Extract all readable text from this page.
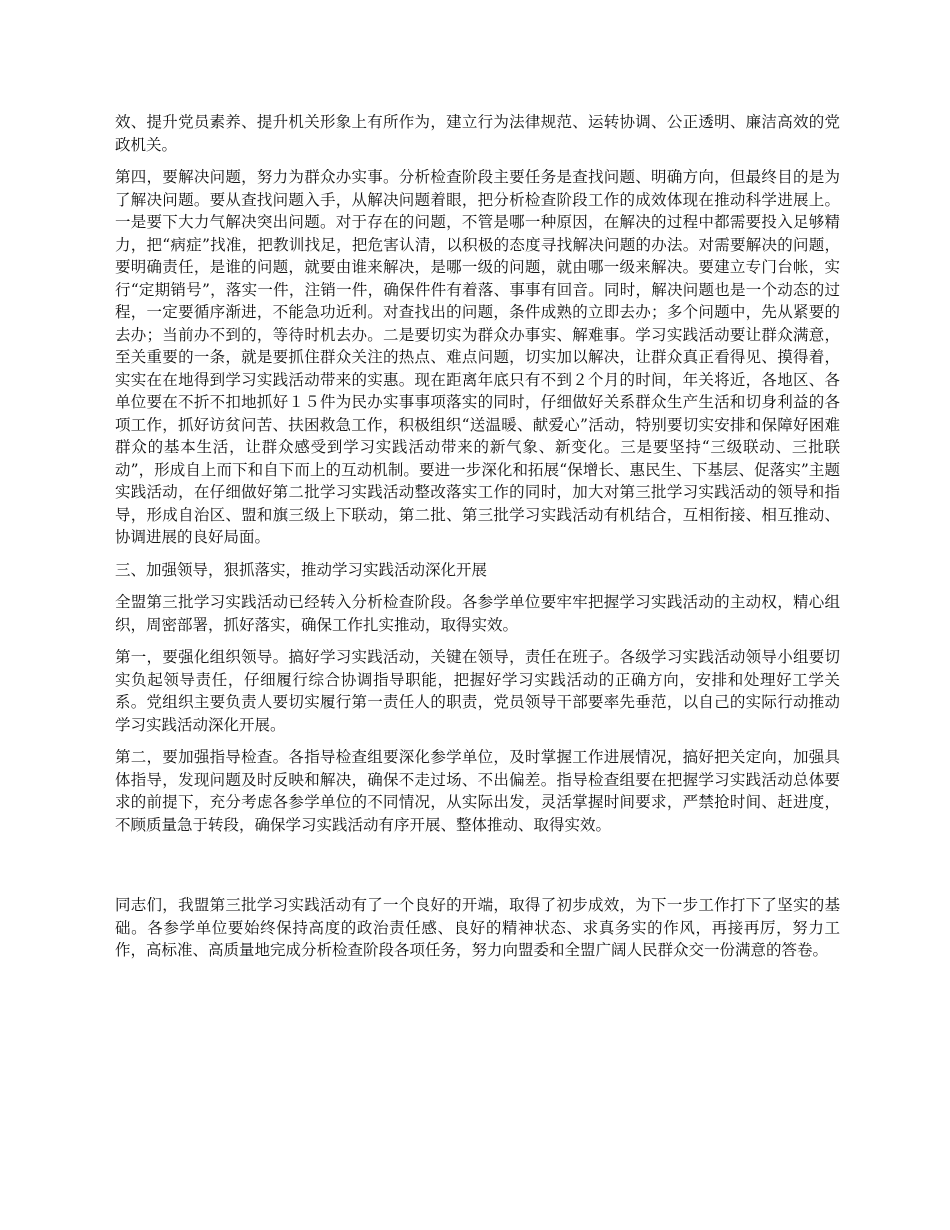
效、提升党员素养、提升机关形象上有所作为，建立行为法律规范、运转协调、公正透明、廉洁高效的党政机关。

第四，要解决问题，努力为群众办实事。分析检查阶段主要任务是查找问题、明确方向，但最终目的是为了解决问题。要从查找问题入手，从解决问题着眼，把分析检查阶段工作的成效体现在推动科学进展上。一是要下大力气解决突出问题。对于存在的问题，不管是哪一种原因，在解决的过程中都需要投入足够精力，把“病症”找准，把教训找足，把危害认清，以积极的态度寻找解决问题的办法。对需要解决的问题，要明确责任，是谁的问题，就要由谁来解决，是哪一级的问题，就由哪一级来解决。要建立专门台帐，实行“定期销号”，落实一件，注销一件，确保件件有着落、事事有回音。同时，解决问题也是一个动态的过程，一定要循序渐进，不能急功近利。对查找出的问题，条件成熟的立即去办；多个问题中，先从紧要的去办；当前办不到的，等待时机去办。二是要切实为群众办事实、解难事。学习实践活动要让群众满意，至关重要的一条，就是要抓住群众关注的热点、难点问题，切实加以解决，让群众真正看得见、摸得着，实实在在地得到学习实践活动带来的实惠。现在距离年底只有不到２个月的时间，年关将近，各地区、各单位要在不折不扣地抓好１５件为民办实事事项落实的同时，仔细做好关系群众生产生活和切身利益的各项工作，抓好访贫问苦、扶困救急工作，积极组织“送温暖、献爱心”活动，特别要切实安排和保障好困难群众的基本生活，让群众感受到学习实践活动带来的新气象、新变化。三是要坚持“三级联动、三批联动”，形成自上而下和自下而上的互动机制。要进一步深化和拓展“保增长、惠民生、下基层、促落实”主题实践活动，在仔细做好第二批学习实践活动整改落实工作的同时，加大对第三批学习实践活动的领导和指导，形成自治区、盟和旗三级上下联动，第二批、第三批学习实践活动有机结合，互相衔接、相互推动、协调进展的良好局面。

三、加强领导，狠抓落实，推动学习实践活动深化开展

全盟第三批学习实践活动已经转入分析检查阶段。各参学单位要牢牢把握学习实践活动的主动权，精心组织，周密部署，抓好落实，确保工作扎实推动，取得实效。

第一，要强化组织领导。搞好学习实践活动，关键在领导，责任在班子。各级学习实践活动领导小组要切实负起领导责任，仔细履行综合协调指导职能，把握好学习实践活动的正确方向，安排和处理好工学关系。党组织主要负责人要切实履行第一责任人的职责，党员领导干部要率先垂范，以自己的实际行动推动学习实践活动深化开展。

第二，要加强指导检查。各指导检查组要深化参学单位，及时掌握工作进展情况，搞好把关定向，加强具体指导，发现问题及时反映和解决，确保不走过场、不出偏差。指导检查组要在把握学习实践活动总体要求的前提下，充分考虑各参学单位的不同情况，从实际出发，灵活掌握时间要求，严禁抢时间、赶进度，不顾质量急于转段，确保学习实践活动有序开展、整体推动、取得实效。

同志们，我盟第三批学习实践活动有了一个良好的开端，取得了初步成效，为下一步工作打下了坚实的基础。各参学单位要始终保持高度的政治责任感、良好的精神状态、求真务实的作风，再接再厉，努力工作，高标准、高质量地完成分析检查阶段各项任务，努力向盟委和全盟广阔人民群众交一份满意的答卷。
